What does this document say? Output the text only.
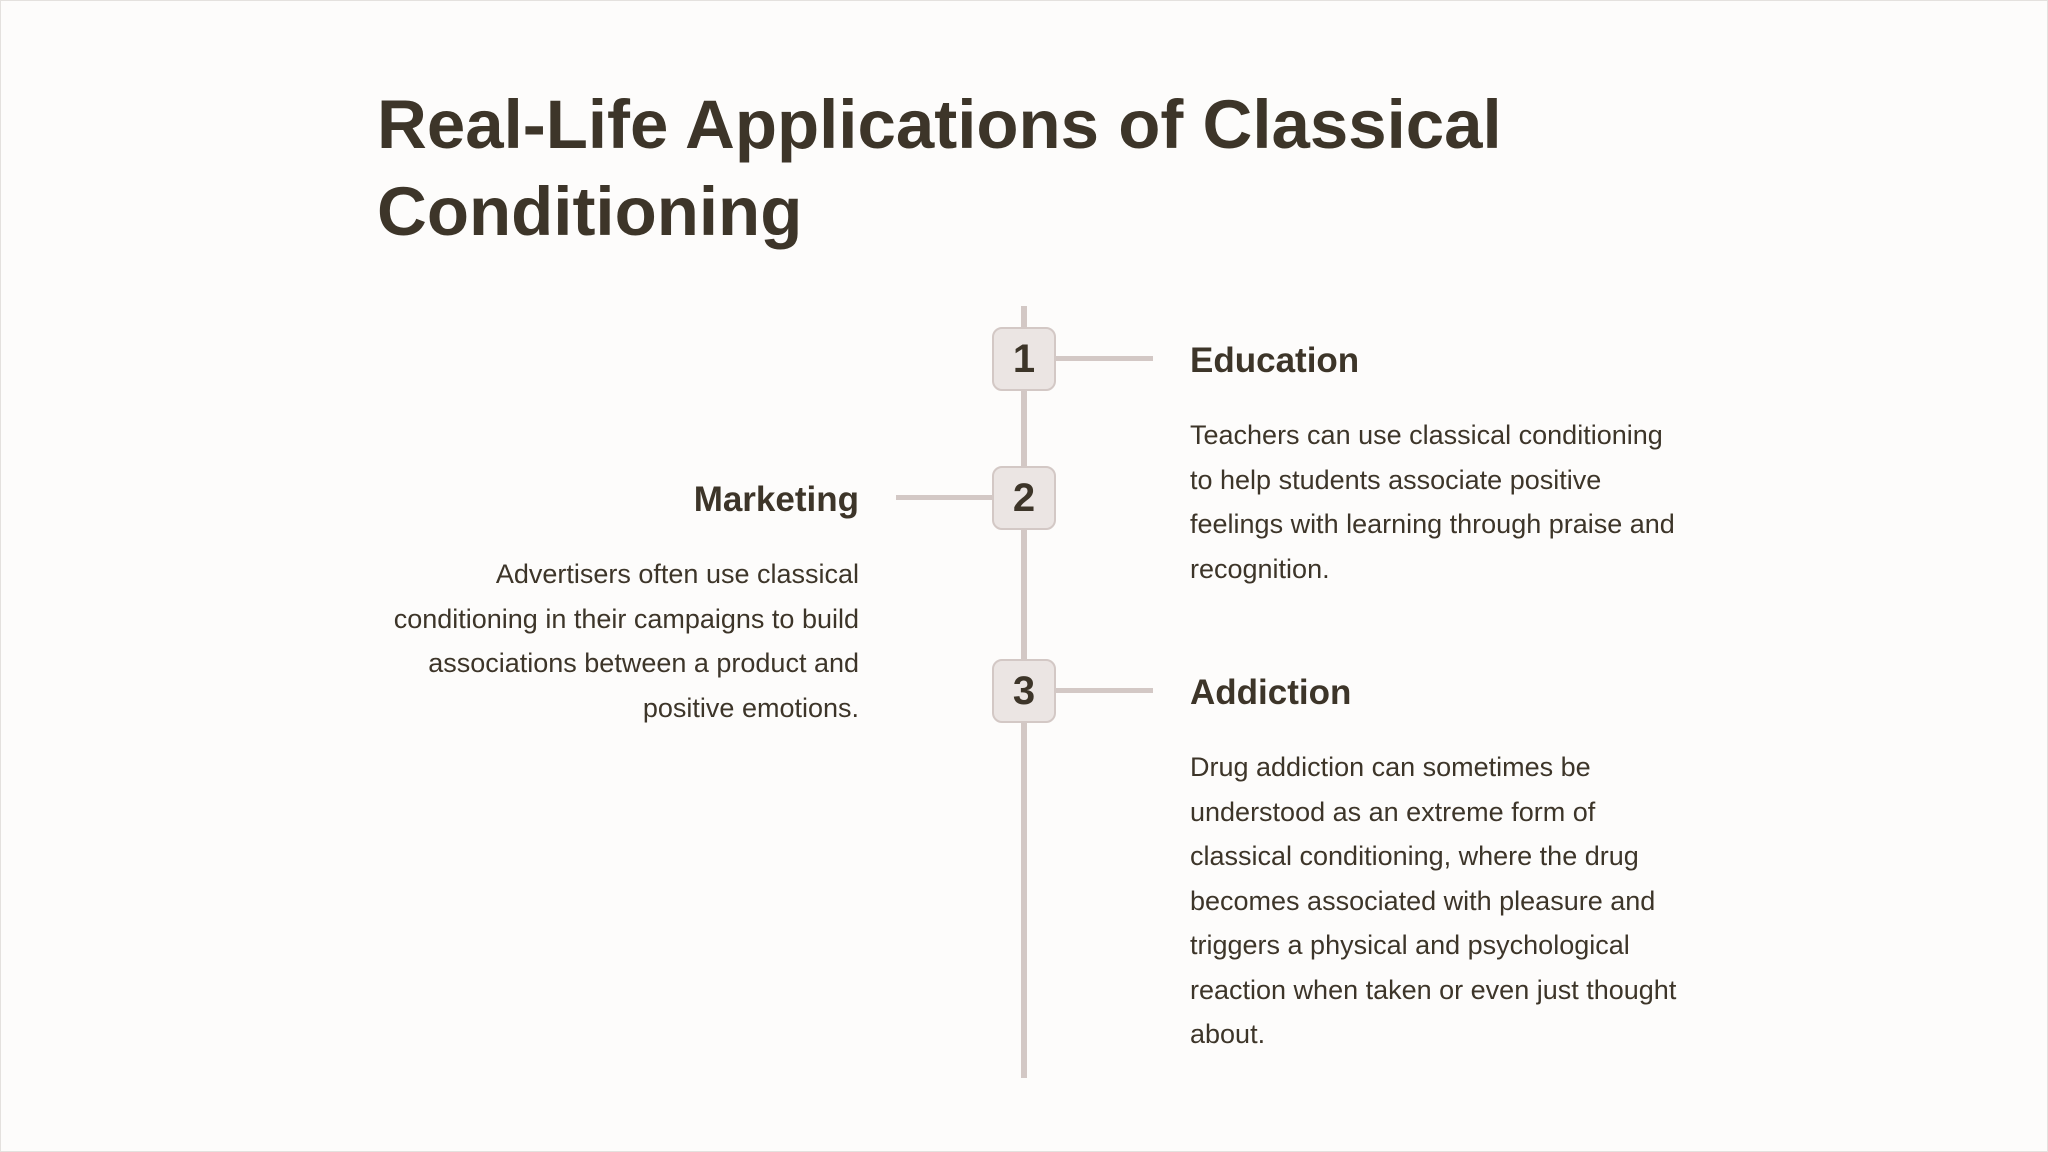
Real-Life Applications of Classical Conditioning
1	Education
Teachers can use classical conditioning to help students associate positive feelings with learning through praise and recognition.
2
Marketing
Advertisers often use classical conditioning in their campaigns to build associations between a product and positive emotions.	3	Addiction
Drug addiction can sometimes be understood as an extreme form of classical conditioning, where the drug becomes associated with pleasure and triggers a physical and psychological reaction when taken or even just thought about.
